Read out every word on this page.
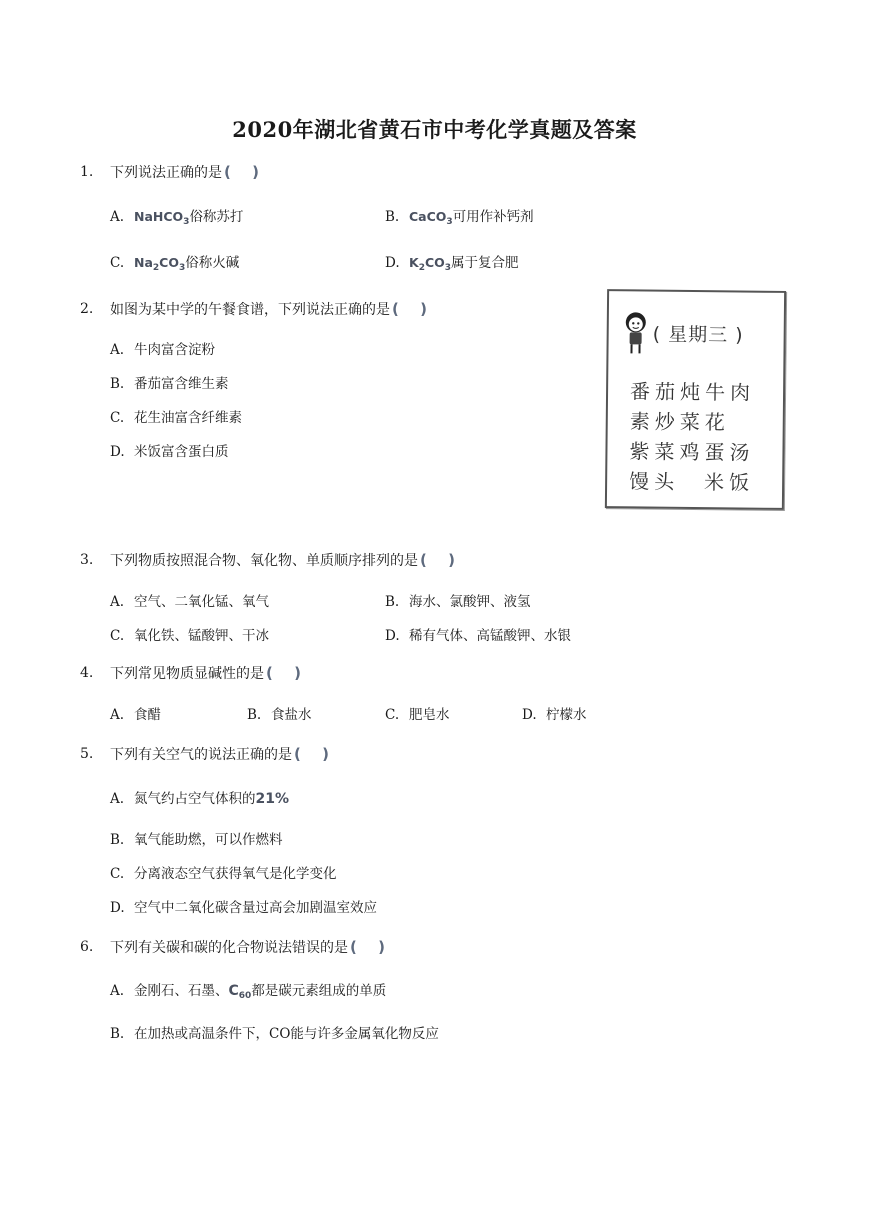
2020年湖北省黄石市中考化学真题及答案
1. 下列说法正确的是 ( )
A. NaHCO$_3$俗称苏打	B. CaCO$_3$可用作补钙剂
C. $Na_2CO_3$俗称火碱	D. $K_2CO_3$属于复合肥
2. 如图为某中学的午餐食谱，下列说法正确的是 ( )
A. 牛肉富含淀粉
B. 番茄富含维生素
C. 花生油富含纤维素
D. 米饭富含蛋白质
( 星期三 )
番茄炖牛肉
素炒菜花
紫菜鸡蛋汤
馒头　米饭
3. 下列物质按照混合物、氧化物、单质顺序排列的是 ( )
A. 空气、二氧化锰、氧气	B. 海水、氯酸钾、液氢
C. 氧化铁、锰酸钾、干冰	D. 稀有气体、高锰酸钾、水银
4. 下列常见物质显碱性的是 ( )
A. 食醋	B. 食盐水	C. 肥皂水	D. 柠檬水
5. 下列有关空气的说法正确的是 ( )
A. 氮气约占空气体积的21%
B. 氧气能助燃，可以作燃料
C. 分离液态空气获得氧气是化学变化
D. 空气中二氧化碳含量过高会加剧温室效应
6. 下列有关碳和碳的化合物说法错误的是 ( )
A. 金刚石、石墨、$C_{60}$都是碳元素组成的单质
B. 在加热或高温条件下，CO能与许多金属氧化物反应
